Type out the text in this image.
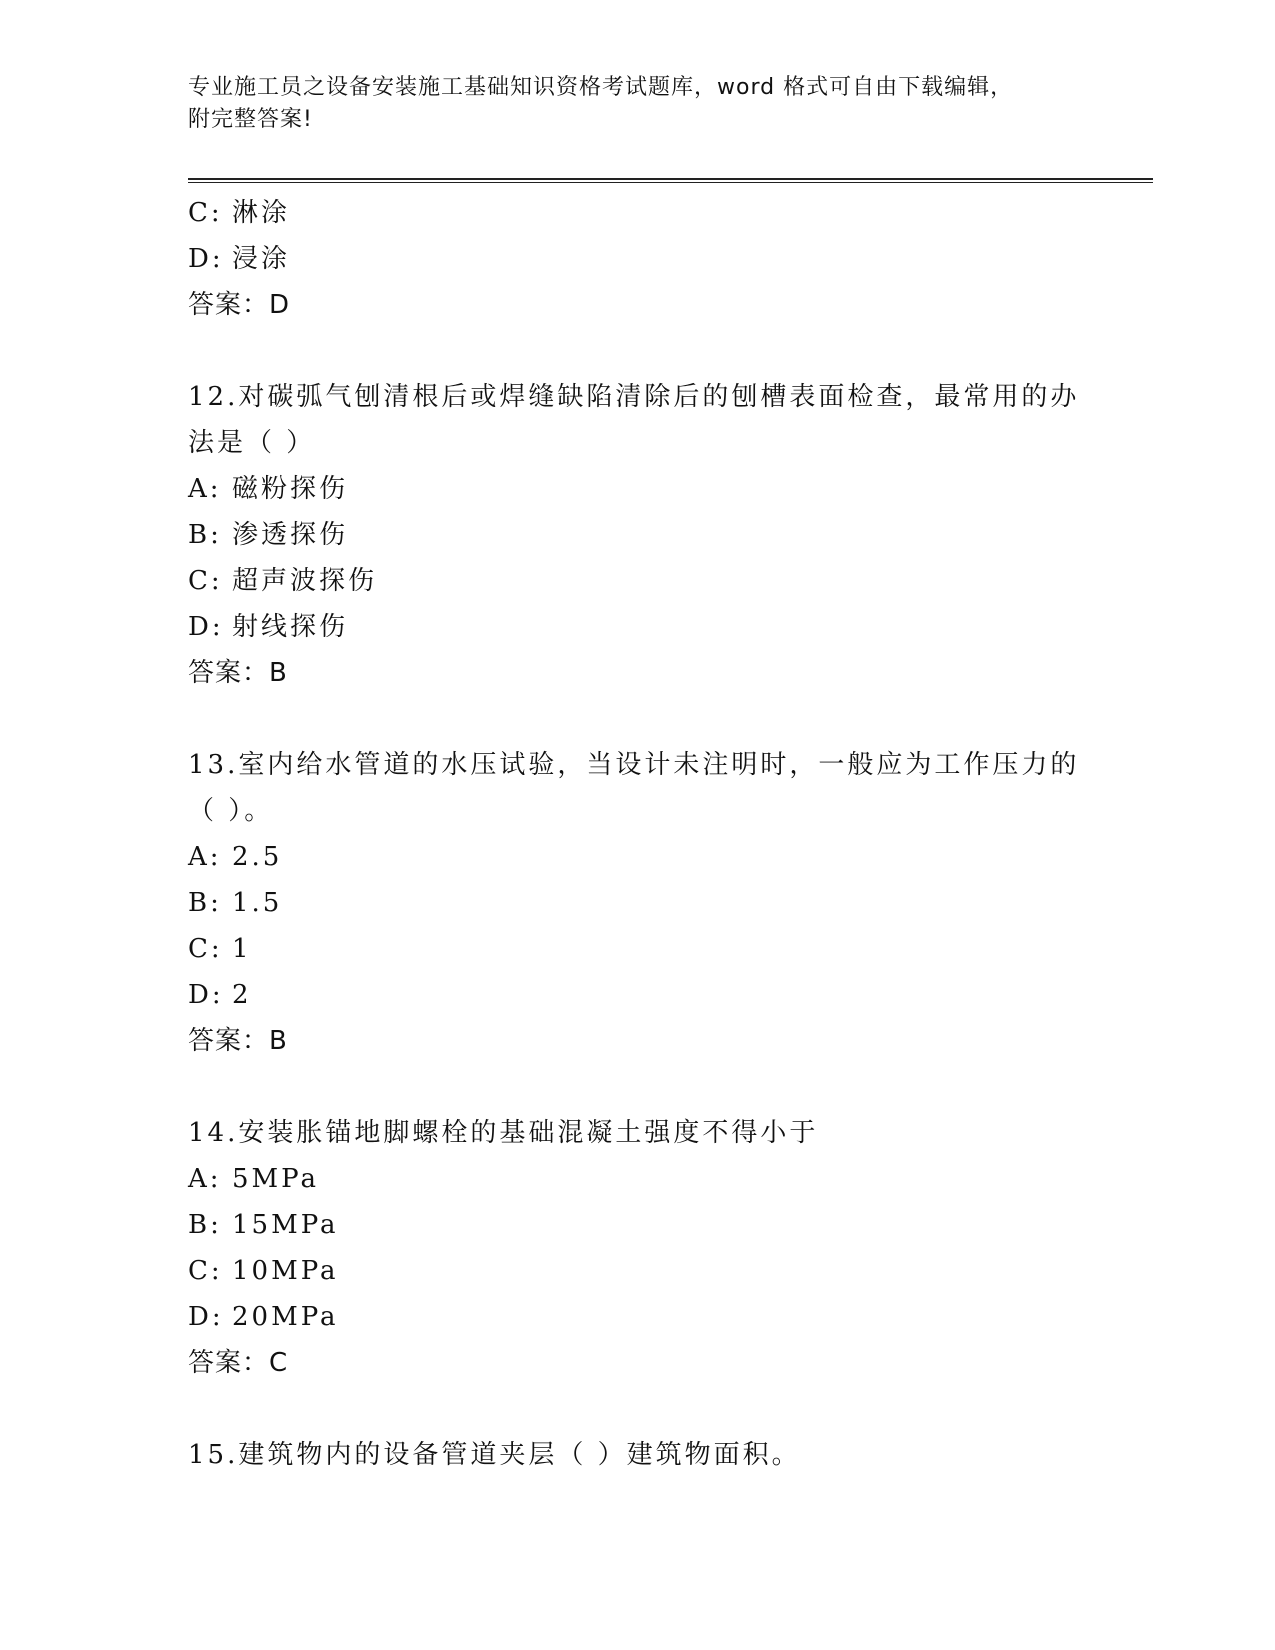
专业施工员之设备安装施工基础知识资格考试题库，word 格式可自由下载编辑，
附完整答案!
C: 淋涂
D: 浸涂
答案：D
12.对碳弧气刨清根后或焊缝缺陷清除后的刨槽表面检查，最常用的办
法是（ ）
A: 磁粉探伤
B: 渗透探伤
C: 超声波探伤
D: 射线探伤
答案：B
13.室内给水管道的水压试验，当设计未注明时，一般应为工作压力的
（ ）。
A: 2.5
B: 1.5
C: 1
D: 2
答案：B
14.安装胀锚地脚螺栓的基础混凝土强度不得小于
A: 5MPa
B: 15MPa
C: 10MPa
D: 20MPa
答案：C
15.建筑物内的设备管道夹层（ ）建筑物面积。
